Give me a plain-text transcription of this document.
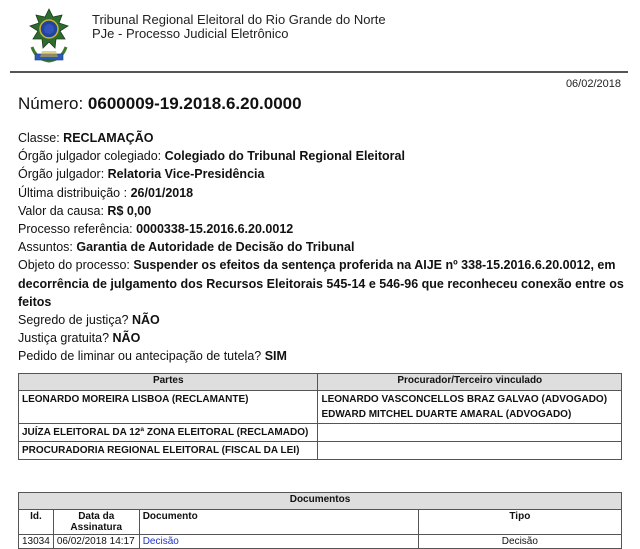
Tribunal Regional Eleitoral do Rio Grande do Norte
PJe - Processo Judicial Eletrônico
06/02/2018
Número: 0600009-19.2018.6.20.0000
Classe: RECLAMAÇÃO
Órgão julgador colegiado: Colegiado do Tribunal Regional Eleitoral
Órgão julgador: Relatoria Vice-Presidência
Última distribuição : 26/01/2018
Valor da causa: R$ 0,00
Processo referência: 0000338-15.2016.6.20.0012
Assuntos: Garantia de Autoridade de Decisão do Tribunal
Objeto do processo: Suspender os efeitos da sentença proferida na AIJE nº 338-15.2016.6.20.0012, em decorrência de julgamento dos Recursos Eleitorais 545-14 e 546-96 que reconheceu conexão entre os feitos
Segredo de justiça? NÃO
Justiça gratuita? NÃO
Pedido de liminar ou antecipação de tutela? SIM
Partes	Procurador/Terceiro vinculado
LEONARDO MOREIRA LISBOA (RECLAMANTE)	LEONARDO VASCONCELLOS BRAZ GALVAO (ADVOGADO)
EDWARD MITCHEL DUARTE AMARAL (ADVOGADO)

JUÍZA ELEITORAL DA 12ª ZONA ELEITORAL (RECLAMADO)	
PROCURADORIA REGIONAL ELEITORAL (FISCAL DA LEI)	
Documentos			
Id.	Data da Assinatura	Documento	Tipo
13034	06/02/2018 14:17	Decisão	Decisão
